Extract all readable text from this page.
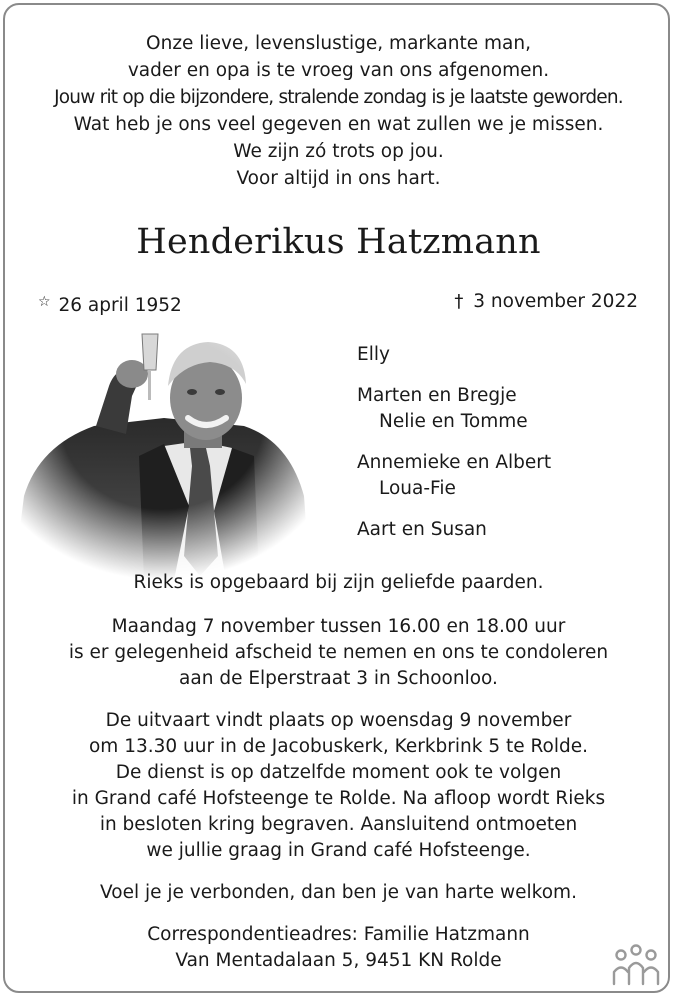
Onze lieve, levenslustige, markante man,
vader en opa is te vroeg van ons afgenomen.
Jouw rit op die bijzondere, stralende zondag is je laatste geworden.
Wat heb je ons veel gegeven en wat zullen we je missen.
We zijn zó trots op jou.
Voor altijd in ons hart.
Henderikus Hatzmann
☆ 26 april 1952	† 3 november 2022
Elly
Marten en Bregje
Nelie en Tomme
Annemieke en Albert
Loua-Fie
Aart en Susan
Rieks is opgebaard bij zijn geliefde paarden.
Maandag 7 november tussen 16.00 en 18.00 uur
is er gelegenheid afscheid te nemen en ons te condoleren
aan de Elperstraat 3 in Schoonloo.
De uitvaart vindt plaats op woensdag 9 november
om 13.30 uur in de Jacobuskerk, Kerkbrink 5 te Rolde.
De dienst is op datzelfde moment ook te volgen
in Grand café Hofsteenge te Rolde. Na afloop wordt Rieks
in besloten kring begraven. Aansluitend ontmoeten
we jullie graag in Grand café Hofsteenge.
Voel je je verbonden, dan ben je van harte welkom.
Correspondentieadres: Familie Hatzmann
Van Mentadalaan 5, 9451 KN Rolde
